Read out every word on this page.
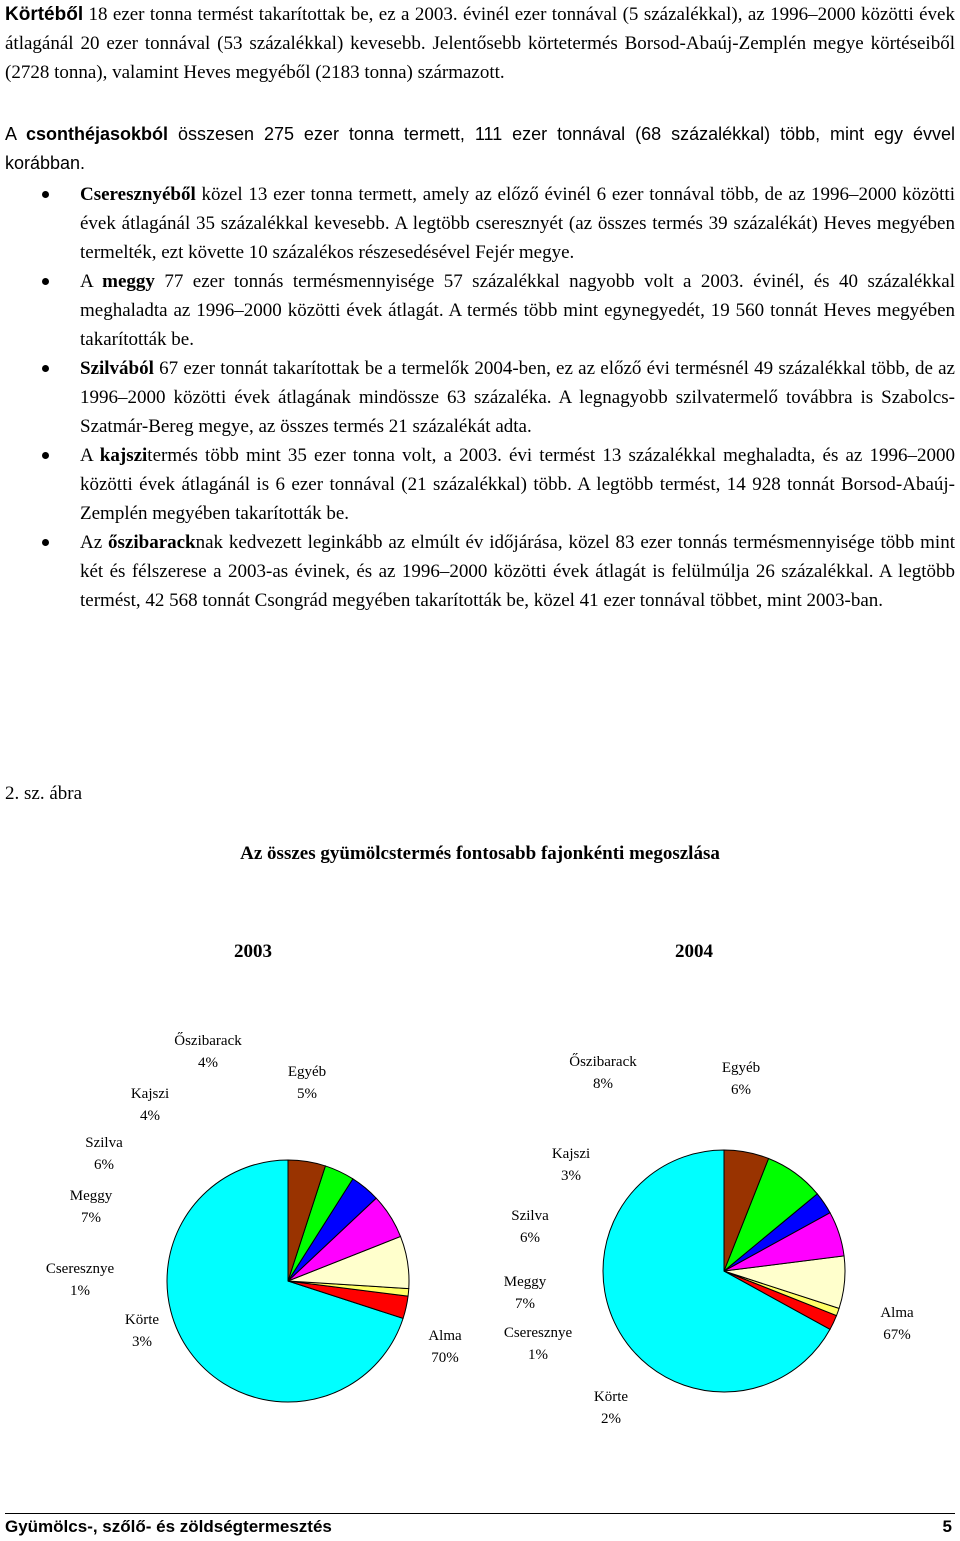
Körtéből 18 ezer tonna termést takarítottak be, ez a 2003. évinél ezer tonnával (5 százalékkal), az 1996–2000 közötti évek átlagánál 20 ezer tonnával (53 százalékkal) kevesebb. Jelentősebb körtetermés Borsod-Abaúj-Zemplén megye körtéseiből (2728 tonna), valamint Heves megyéből (2183 tonna) származott.

A csonthéjasokból összesen 275 ezer tonna termett, 111 ezer tonnával (68 százalékkal) több, mint egy évvel korábban.

Cseresznyéből közel 13 ezer tonna termett, amely az előző évinél 6 ezer tonnával több, de az 1996–2000 közötti évek átlagánál 35 százalékkal kevesebb. A legtöbb cseresznyét (az összes termés 39 százalékát) Heves megyében termelték, ezt követte 10 százalékos részesedésével Fejér megye.
A meggy 77 ezer tonnás termésmennyisége 57 százalékkal nagyobb volt a 2003. évinél, és 40 százalékkal meghaladta az 1996–2000 közötti évek átlagát. A termés több mint egynegyedét, 19 560 tonnát Heves megyében takarították be.
Szilvából 67 ezer tonnát takarítottak be a termelők 2004-ben, ez az előző évi termésnél 49 százalékkal több, de az 1996–2000 közötti évek átlagának mindössze 63 százaléka. A legnagyobb szilvatermelő továbbra is Szabolcs-Szatmár-Bereg megye, az összes termés 21 százalékát adta.
A kajszitermés több mint 35 ezer tonna volt, a 2003. évi termést 13 százalékkal meghaladta, és az 1996–2000 közötti évek átlagánál is 6 ezer tonnával (21 százalékkal) több. A legtöbb termést, 14 928 tonnát Borsod-Abaúj-Zemplén megyében takarították be.
Az őszibaracknak kedvezett leginkább az elmúlt év időjárása, közel 83 ezer tonnás termésmennyisége több mint két és félszerese a 2003-as évinek, és az 1996–2000 közötti évek átlagát is felülmúlja 26 százalékkal. A legtöbb termést, 42 568 tonnát Csongrád megyében takarították be, közel 41 ezer tonnával többet, mint 2003-ban.
2. sz. ábra
Az összes gyümölcstermés fontosabb fajonkénti megoszlása
2003	2004
Alma
70%
Körte
3%
Cseresznye
1%
Meggy
7%
Szilva
6%
Kajszi
4%
Őszibarack
4%
Egyéb
5%
Alma
67%
Körte
2%
Cseresznye
1%
Meggy
7%
Szilva
6%
Kajszi
3%
Őszibarack
8%
Egyéb
6%
Gyümölcs-, szőlő- és zöldségtermesztés	5
